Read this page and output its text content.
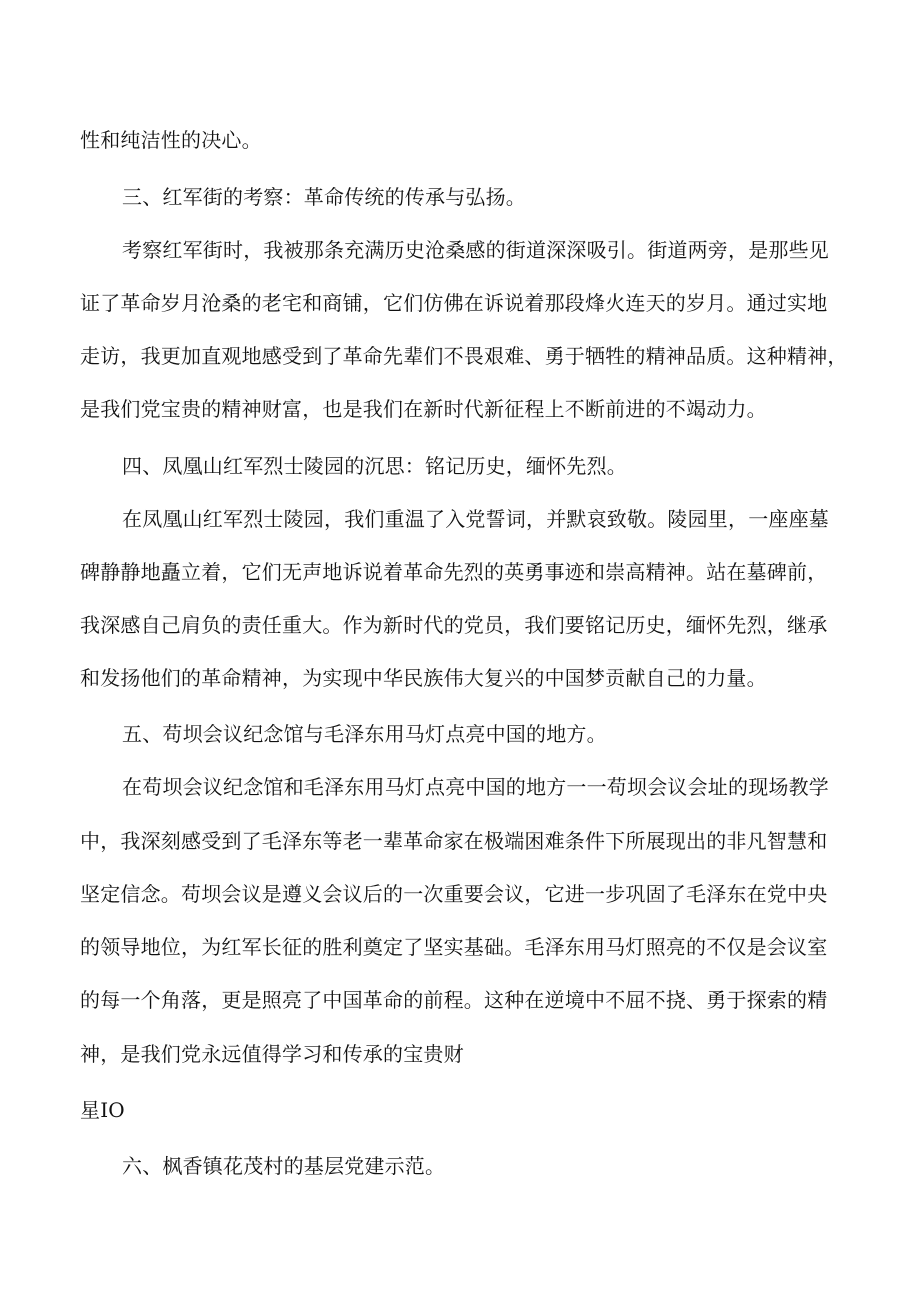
性和纯洁性的决心。
三、红军街的考察：革命传统的传承与弘扬。
考察红军街时，我被那条充满历史沧桑感的街道深深吸引。街道两旁，是那些见
证了革命岁月沧桑的老宅和商铺，它们仿佛在诉说着那段烽火连天的岁月。通过实地
走访，我更加直观地感受到了革命先辈们不畏艰难、勇于牺牲的精神品质。这种精神，
是我们党宝贵的精神财富，也是我们在新时代新征程上不断前进的不竭动力。
四、凤凰山红军烈士陵园的沉思：铭记历史，缅怀先烈。
在凤凰山红军烈士陵园，我们重温了入党誓词，并默哀致敬。陵园里，一座座墓
碑静静地矗立着，它们无声地诉说着革命先烈的英勇事迹和崇高精神。站在墓碑前，
我深感自己肩负的责任重大。作为新时代的党员，我们要铭记历史，缅怀先烈，继承
和发扬他们的革命精神，为实现中华民族伟大复兴的中国梦贡献自己的力量。
五、苟坝会议纪念馆与毛泽东用马灯点亮中国的地方。
在苟坝会议纪念馆和毛泽东用马灯点亮中国的地方一一苟坝会议会址的现场教学
中，我深刻感受到了毛泽东等老一辈革命家在极端困难条件下所展现出的非凡智慧和
坚定信念。苟坝会议是遵义会议后的一次重要会议，它进一步巩固了毛泽东在党中央
的领导地位，为红军长征的胜利奠定了坚实基础。毛泽东用马灯照亮的不仅是会议室
的每一个角落，更是照亮了中国革命的前程。这种在逆境中不屈不挠、勇于探索的精
神，是我们党永远值得学习和传承的宝贵财
星IO
六、枫香镇花茂村的基层党建示范。
